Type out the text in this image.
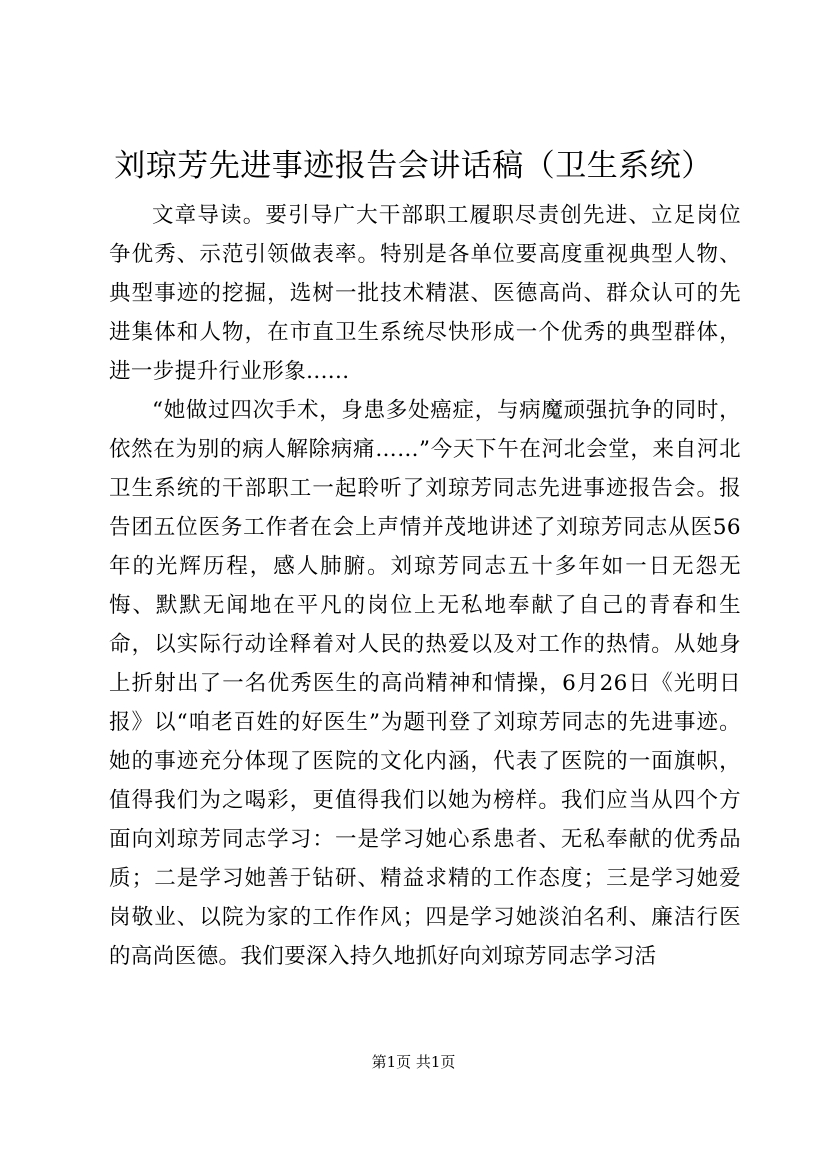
刘琼芳先进事迹报告会讲话稿（卫生系统）

文章导读。要引导广大干部职工履职尽责创先进、立足岗位争优秀、示范引领做表率。特别是各单位要高度重视典型人物、典型事迹的挖掘，选树一批技术精湛、医德高尚、群众认可的先进集体和人物，在市直卫生系统尽快形成一个优秀的典型群体，进一步提升行业形象......

“她做过四次手术，身患多处癌症，与病魔顽强抗争的同时，依然在为别的病人解除病痛……”今天下午在河北会堂，来自河北卫生系统的干部职工一起聆听了刘琼芳同志先进事迹报告会。报告团五位医务工作者在会上声情并茂地讲述了刘琼芳同志从医56年的光辉历程，感人肺腑。刘琼芳同志五十多年如一日无怨无悔、默默无闻地在平凡的岗位上无私地奉献了自己的青春和生命，以实际行动诠释着对人民的热爱以及对工作的热情。从她身上折射出了一名优秀医生的高尚精神和情操，6月26日《光明日报》以“咱老百姓的好医生”为题刊登了刘琼芳同志的先进事迹。她的事迹充分体现了医院的文化内涵，代表了医院的一面旗帜，值得我们为之喝彩，更值得我们以她为榜样。我们应当从四个方面向刘琼芳同志学习：一是学习她心系患者、无私奉献的优秀品质；二是学习她善于钻研、精益求精的工作态度；三是学习她爱岗敬业、以院为家的工作作风；四是学习她淡泊名利、廉洁行医的高尚医德。我们要深入持久地抓好向刘琼芳同志学习活

第1页 共1页
